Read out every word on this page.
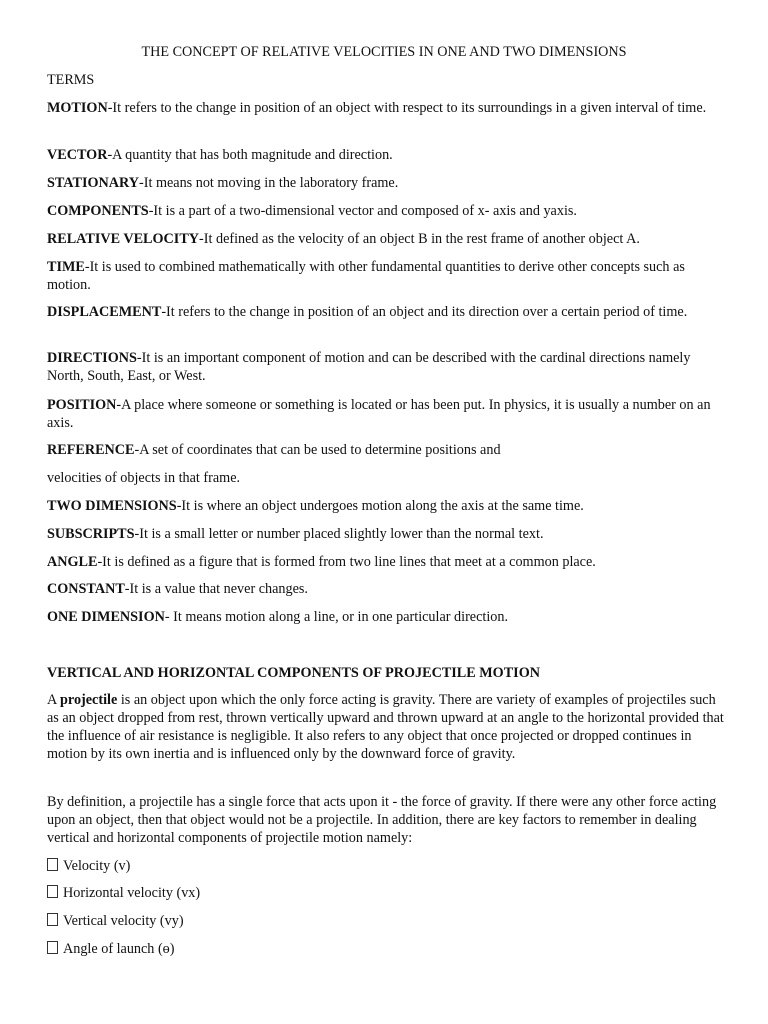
THE CONCEPT OF RELATIVE VELOCITIES IN ONE AND TWO DIMENSIONS

TERMS

MOTION-It refers to the change in position of an object with respect to its surroundings in a given interval of time.

VECTOR-A quantity that has both magnitude and direction.

STATIONARY-It means not moving in the laboratory frame.

COMPONENTS-It is a part of a two-dimensional vector and composed of x- axis and yaxis.

RELATIVE VELOCITY-It defined as the velocity of an object B in the rest frame of another object A.

TIME-It is used to combined mathematically with other fundamental quantities to derive other concepts such as motion.

DISPLACEMENT-It refers to the change in position of an object and its direction over a certain period of time.

DIRECTIONS-It is an important component of motion and can be described with the cardinal directions namely North, South, East, or West.

POSITION-A place where someone or something is located or has been put. In physics, it is usually a number on an axis.

REFERENCE-A set of coordinates that can be used to determine positions and

velocities of objects in that frame.

TWO DIMENSIONS-It is where an object undergoes motion along the axis at the same time.

SUBSCRIPTS-It is a small letter or number placed slightly lower than the normal text.

ANGLE-It is defined as a figure that is formed from two line lines that meet at a common place.

CONSTANT-It is a value that never changes.

ONE DIMENSION- It means motion along a line, or in one particular direction.

VERTICAL AND HORIZONTAL COMPONENTS OF PROJECTILE MOTION

A projectile is an object upon which the only force acting is gravity. There are variety of examples of projectiles such as an object dropped from rest, thrown vertically upward and thrown upward at an angle to the horizontal provided that the influence of air resistance is negligible. It also refers to any object that once projected or dropped continues in motion by its own inertia and is influenced only by the downward force of gravity.

By definition, a projectile has a single force that acts upon it - the force of gravity. If there were any other force acting upon an object, then that object would not be a projectile. In addition, there are key factors to remember in dealing vertical and horizontal components of projectile motion namely:

Velocity (v)

Horizontal velocity (vx)

Vertical velocity (vy)

Angle of launch (ɵ)
